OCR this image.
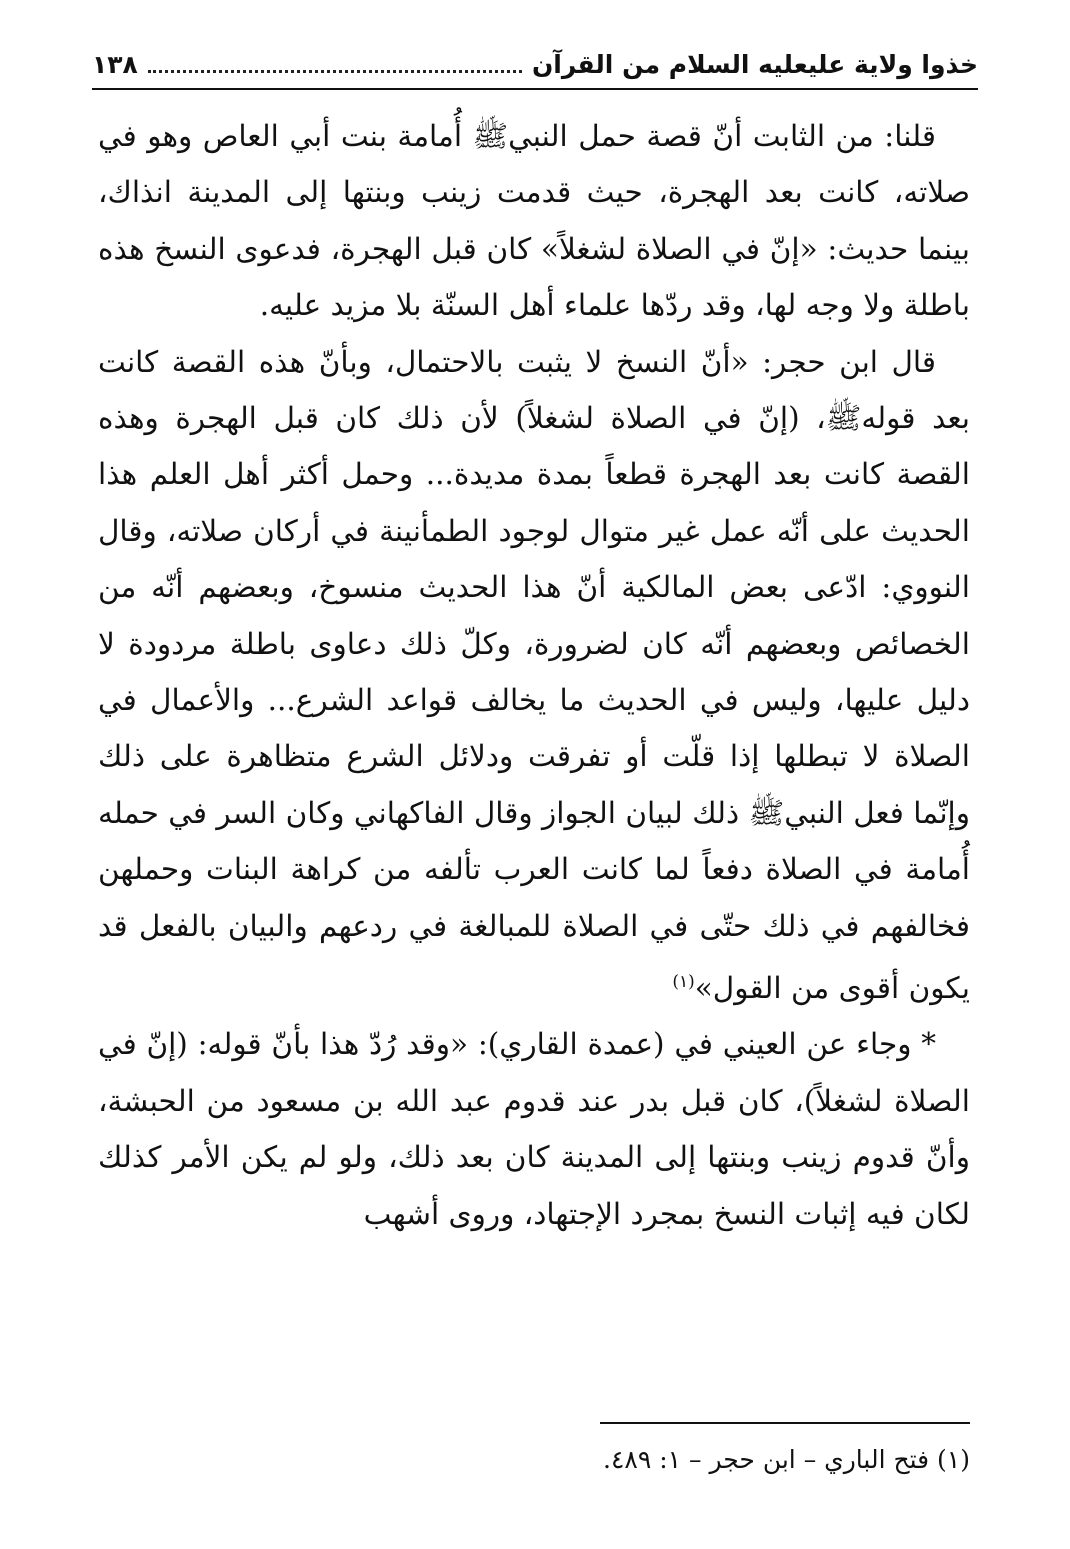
خذوا ولاية عليعليه السلام من القرآن
١٣٨

قلنا: من الثابت أنّ قصة حمل النبيﷺ أُمامة بنت أبي العاص وهو في صلاته، كانت بعد الهجرة، حيث قدمت زينب وبنتها إلى المدينة انذاك، بينما حديث: «إنّ في الصلاة لشغلاً» كان قبل الهجرة، فدعوى النسخ هذه باطلة ولا وجه لها، وقد ردّها علماء أهل السنّة بلا مزيد عليه.

قال ابن حجر: «أنّ النسخ لا يثبت بالاحتمال، وبأنّ هذه القصة كانت بعد قولهﷺ، (إنّ في الصلاة لشغلاً) لأن ذلك كان قبل الهجرة وهذه القصة كانت بعد الهجرة قطعاً بمدة مديدة... وحمل أكثر أهل العلم هذا الحديث على أنّه عمل غير متوال لوجود الطمأنينة في أركان صلاته، وقال النووي: ادّعى بعض المالكية أنّ هذا الحديث منسوخ، وبعضهم أنّه من الخصائص وبعضهم أنّه كان لضرورة، وكلّ ذلك دعاوى باطلة مردودة لا دليل عليها، وليس في الحديث ما يخالف قواعد الشرع... والأعمال في الصلاة لا تبطلها إذا قلّت أو تفرقت ودلائل الشرع متظاهرة على ذلك وإنّما فعل النبيﷺ ذلك لبيان الجواز وقال الفاكهاني وكان السر في حمله أُمامة في الصلاة دفعاً لما كانت العرب تألفه من كراهة البنات وحملهن فخالفهم في ذلك حتّى في الصلاة للمبالغة في ردعهم والبيان بالفعل قد يكون أقوى من القول»$^{(١)}$

* وجاء عن العيني في (عمدة القاري): «وقد رُدّ هذا بأنّ قوله: (إنّ في الصلاة لشغلاً)، كان قبل بدر عند قدوم عبد الله بن مسعود من الحبشة، وأنّ قدوم زينب وبنتها إلى المدينة كان بعد ذلك، ولو لم يكن الأمر كذلك لكان فيه إثبات النسخ بمجرد الإجتهاد، وروى أشهب

(١) فتح الباري – ابن حجر – ١: ٤٨٩.
